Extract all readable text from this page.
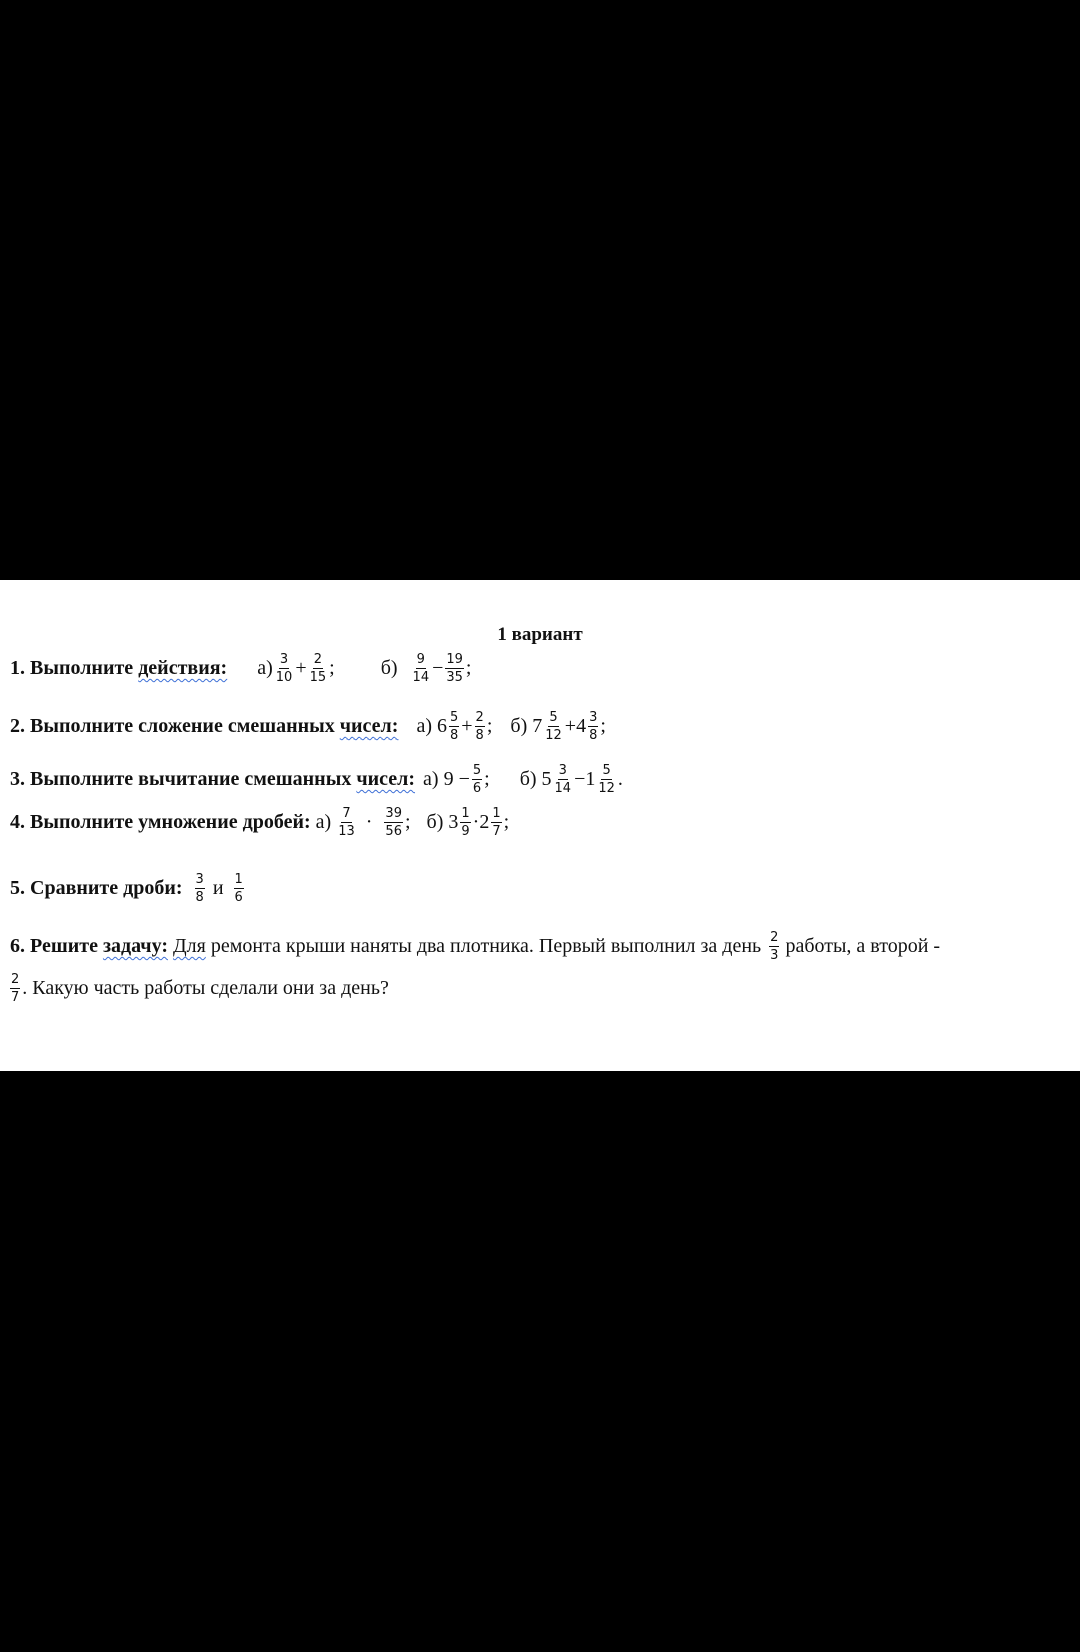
1 вариант
1. Выполните
действия: $а) \frac{3}{10} + \frac{2}{15}$ ; $б) \frac{9}{14} - \frac{19}{35}$ ;
2. Выполните сложение смешанных
чисел: а)
$6 \frac{5}{8} + \frac{2}{8}$ ; б)
$7 \frac{5}{12} + 4 \frac{3}{8}$ ;
3. Выполните вычитание смешанных
чисел: а)
9
− $\frac{5}{6}$ ; б)
$5 \frac{3}{14} - 1 \frac{5}{12}$ .
4. Выполните умножение дробей:
$а) \frac{7}{13} \cdot \frac{39}{56}$ ; б)
$3 \frac{1}{9} \cdot 2 \frac{1}{7}$ ;
5. Сравните дроби: $\frac{3}{8}$ и $\frac{1}{6}$
6. Решите
задачу:
Для
ремонта крыши наняты два плотника. Первый выполнил за день $\frac{2}{3}$ работы, а второй -
$\frac{2}{7}$ . Какую часть работы сделали они за день?
